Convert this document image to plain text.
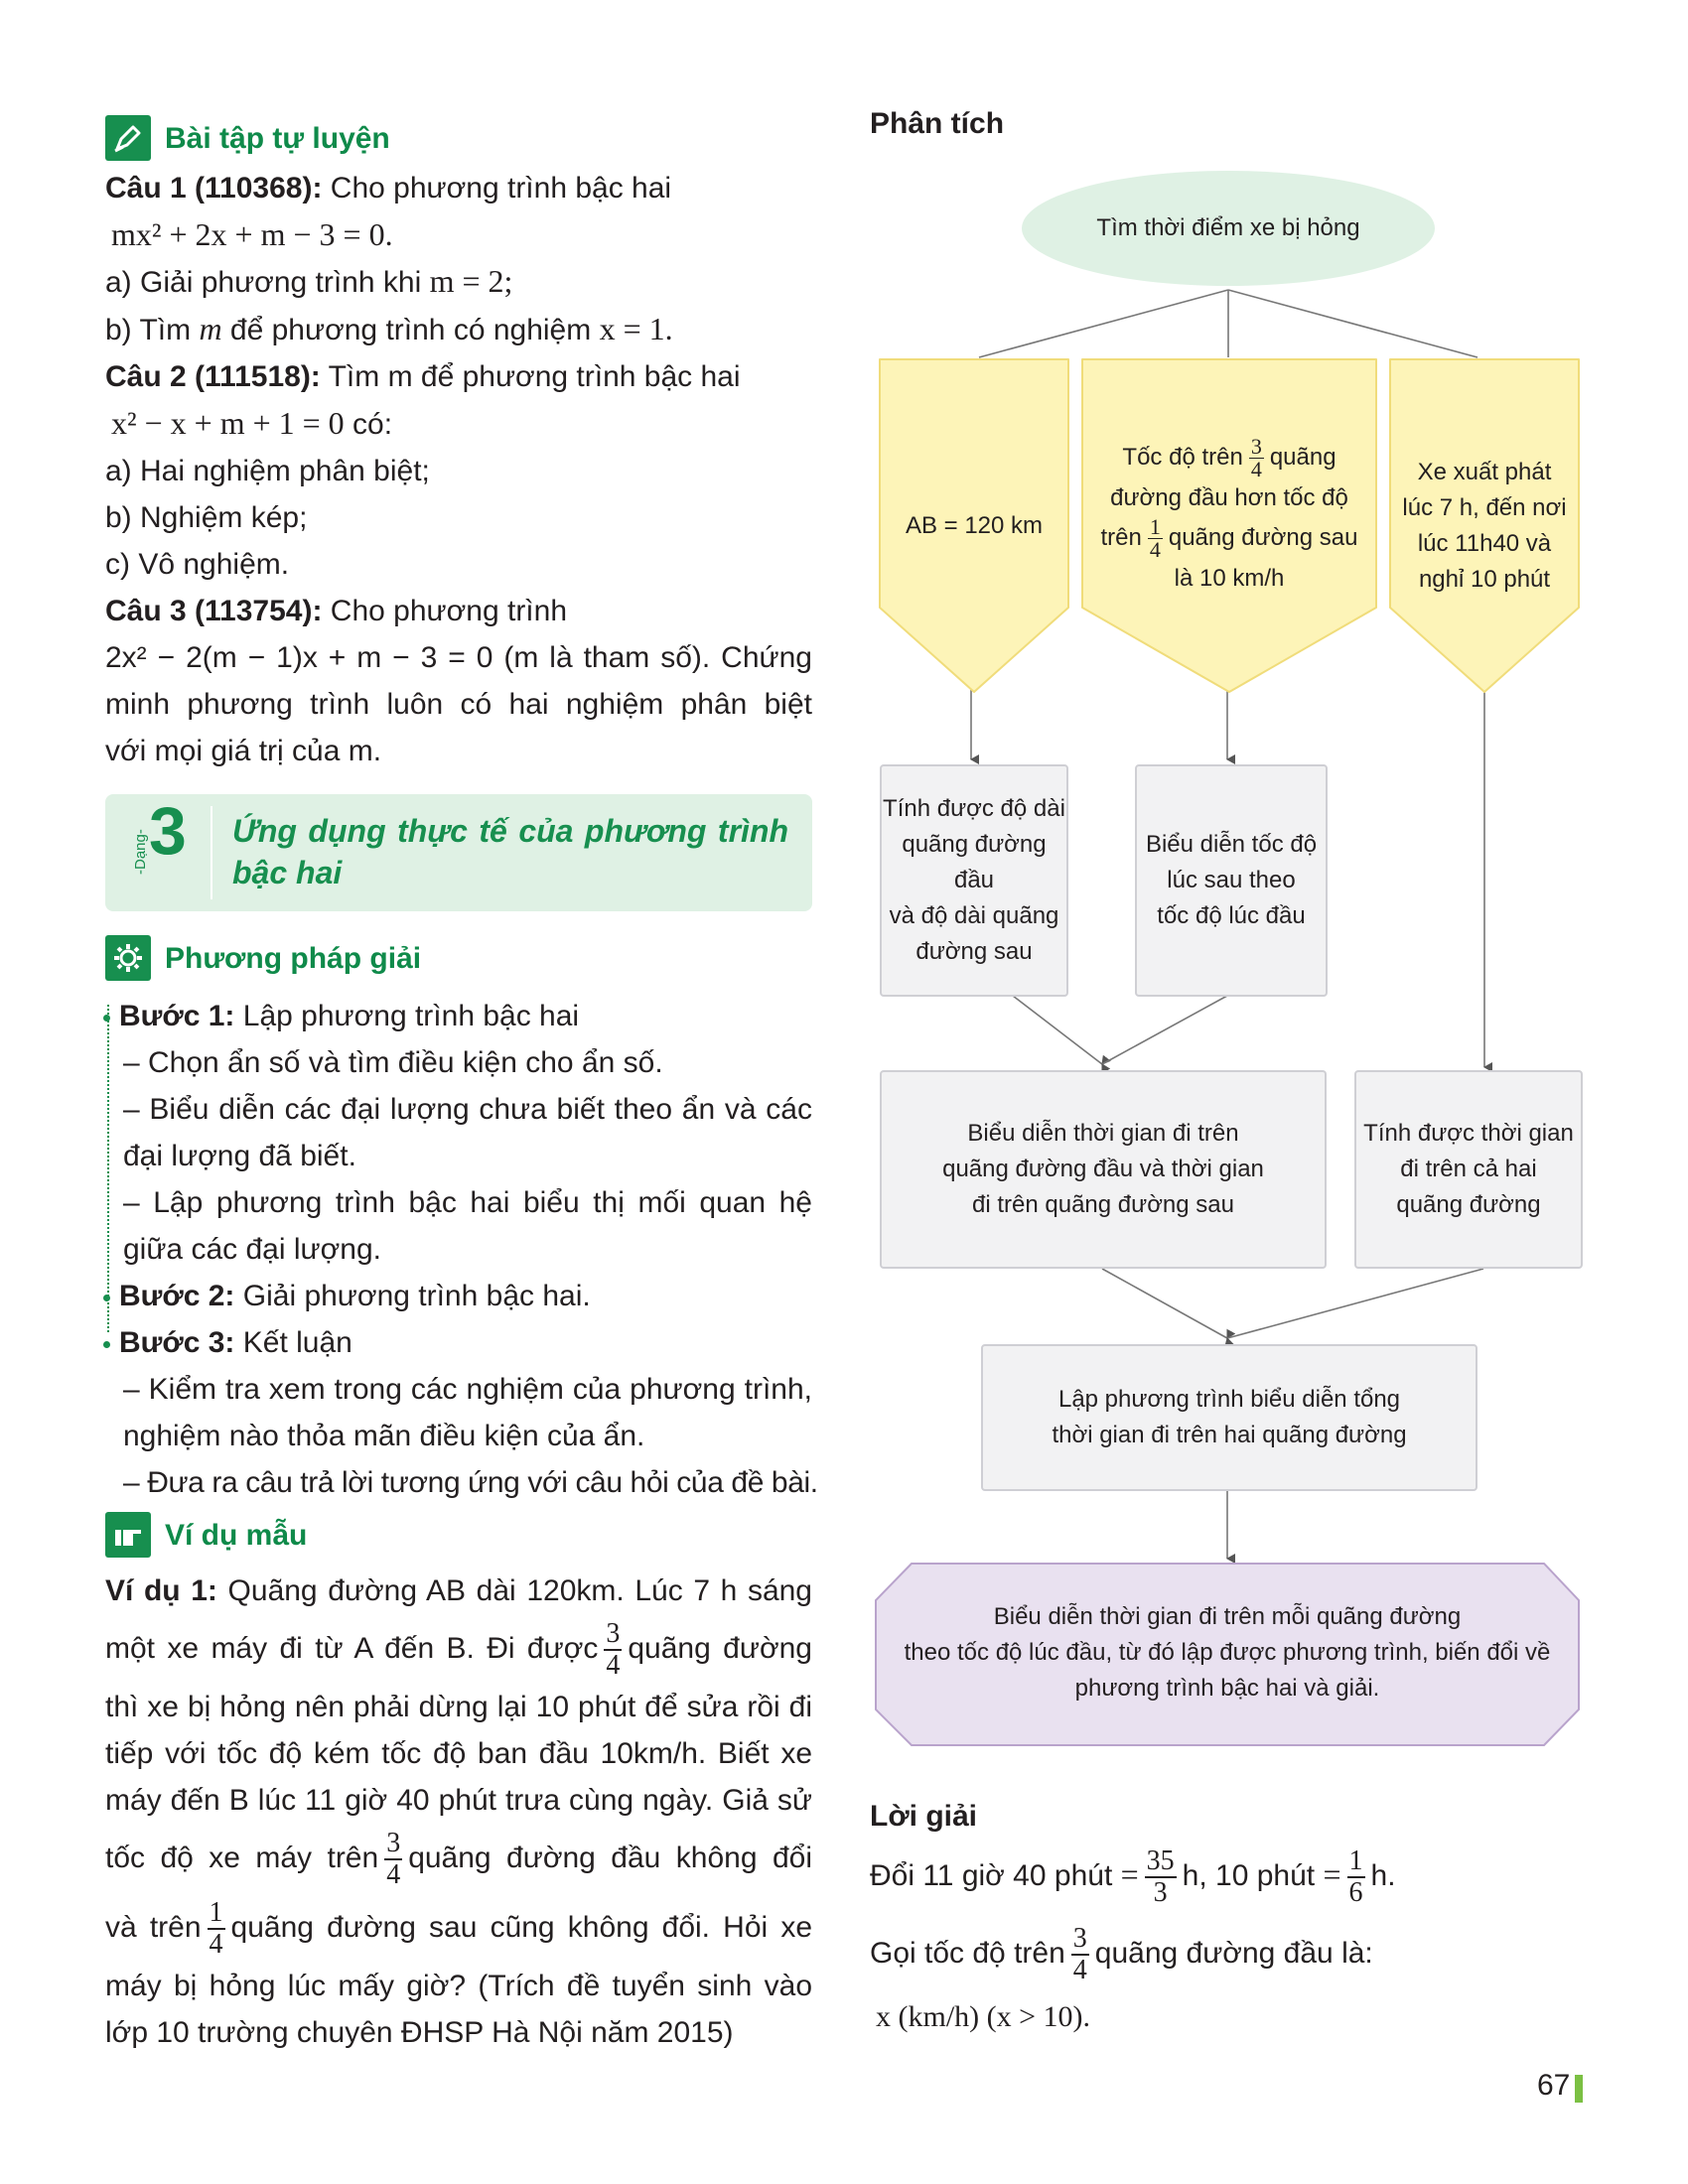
Bài tập tự luyện
Câu 1 (110368): Cho phương trình bậc hai
mx² + 2x + m − 3 = 0.
a) Giải phương trình khi m = 2;
b) Tìm m để phương trình có nghiệm x = 1.
Câu 2 (111518): Tìm m để phương trình bậc hai
x² − x + m + 1 = 0 có:
a) Hai nghiệm phân biệt;
b) Nghiệm kép;
c) Vô nghiệm.
Câu 3 (113754): Cho phương trình
2x² − 2(m − 1)x + m − 3 = 0 (m là tham số). Chứng
minh phương trình luôn có hai nghiệm phân biệt
với mọi giá trị của m.
-Dạng- 3 Ứng dụng thực tế của phương trình bậc hai
Phương pháp giải
Bước 1: Lập phương trình bậc hai
– Chọn ẩn số và tìm điều kiện cho ẩn số.
– Biểu diễn các đại lượng chưa biết theo ẩn và các
đại lượng đã biết.
– Lập phương trình bậc hai biểu thị mối quan hệ
giữa các đại lượng.
Bước 2: Giải phương trình bậc hai.
Bước 3: Kết luận
– Kiểm tra xem trong các nghiệm của phương trình,
nghiệm nào thỏa mãn điều kiện của ẩn.
– Đưa ra câu trả lời tương ứng với câu hỏi của đề bài.
Ví dụ mẫu
Ví dụ 1: Quãng đường AB dài 120km. Lúc 7 h sáng
một xe máy đi từ A đến B. Đi được $\frac{3}{4}$ quãng đường
thì xe bị hỏng nên phải dừng lại 10 phút để sửa rồi đi
tiếp với tốc độ kém tốc độ ban đầu 10km/h. Biết xe
máy đến B lúc 11 giờ 40 phút trưa cùng ngày. Giả sử
tốc độ xe máy trên $\frac{3}{4}$ quãng đường đầu không đổi
và trên $\frac{1}{4}$ quãng đường sau cũng không đổi. Hỏi xe
máy bị hỏng lúc mấy giờ? (Trích đề tuyển sinh vào
lớp 10 trường chuyên ĐHSP Hà Nội năm 2015)
Phân tích
Tìm thời điểm xe bị hỏng
AB = 120 km
Tốc độ trên $\frac{3}{4}$ quãng
đường đầu hơn tốc độ
trên $\frac{1}{4}$ quãng đường sau
là 10 km/h
Xe xuất phát
lúc 7 h, đến nơi
lúc 11h40 và
nghỉ 10 phút
Tính được độ dài
quãng đường đầu
và độ dài quãng
đường sau
Biểu diễn tốc độ
lúc sau theo
tốc độ lúc đầu
Biểu diễn thời gian đi trên
quãng đường đầu và thời gian
đi trên quãng đường sau
Tính được thời gian
đi trên cả hai
quãng đường
Lập phương trình biểu diễn tổng
thời gian đi trên hai quãng đường
Biểu diễn thời gian đi trên mỗi quãng đường
theo tốc độ lúc đầu, từ đó lập được phương trình, biến đổi về
phương trình bậc hai và giải.
Lời giải
Đổi 11 giờ 40 phút = $\frac{35}{3} h$, 10 phút = $\frac{1}{6} h$.
Gọi tốc độ trên $\frac{3}{4}$ quãng đường đầu là:
x (km/h) (x > 10).
67
